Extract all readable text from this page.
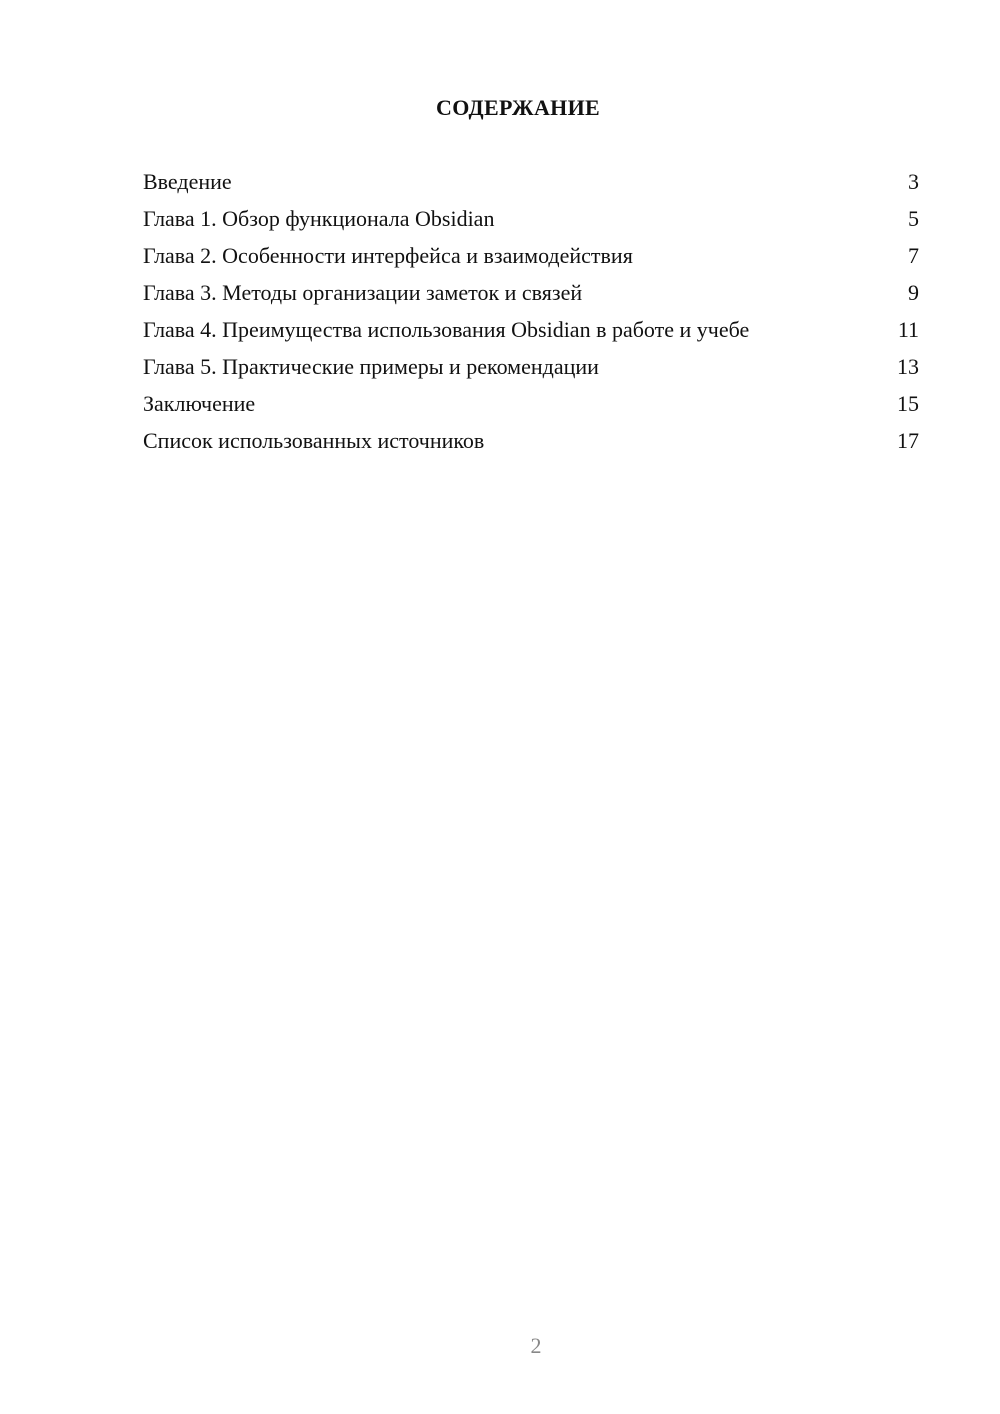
СОДЕРЖАНИЕ
Введение	3
Глава 1. Обзор функционала Obsidian	5
Глава 2. Особенности интерфейса и взаимодействия	7
Глава 3. Методы организации заметок и связей	9
Глава 4. Преимущества использования Obsidian в работе и учебе	11
Глава 5. Практические примеры и рекомендации	13
Заключение	15
Список использованных источников	17
2
